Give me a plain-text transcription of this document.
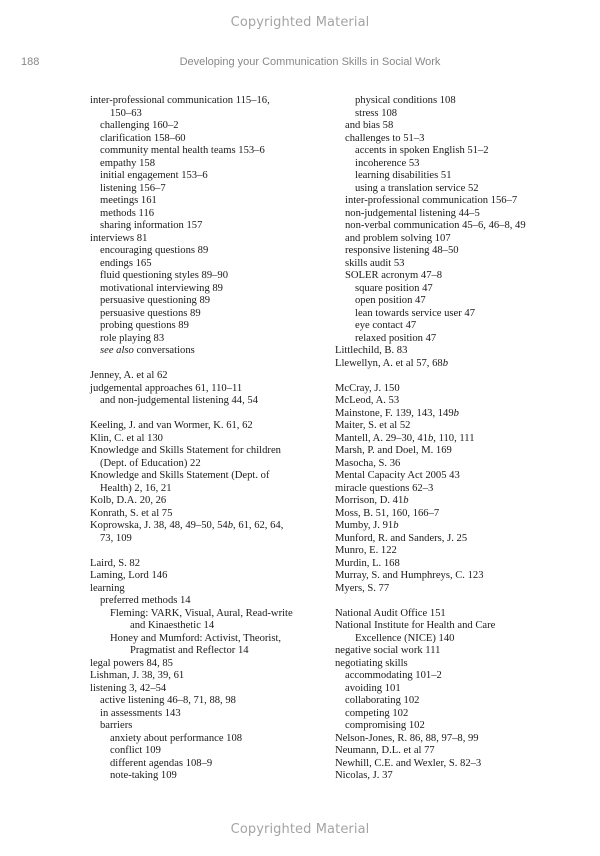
Copyrighted Material
188	Developing your Communication Skills in Social Work
inter-professional communication 115–16,
150–63
challenging 160–2
clarification 158–60
community mental health teams 153–6
empathy 158
initial engagement 153–6
listening 156–7
meetings 161
methods 116
sharing information 157
interviews 81
encouraging questions 89
endings 165
fluid questioning styles 89–90
motivational interviewing 89
persuasive questioning 89
persuasive questions 89
probing questions 89
role playing 83
see also conversations
Jenney, A. et al 62
judgemental approaches 61, 110–11
and non-judgemental listening 44, 54
Keeling, J. and van Wormer, K. 61, 62
Klin, C. et al 130
Knowledge and Skills Statement for children
(Dept. of Education) 22
Knowledge and Skills Statement (Dept. of
Health) 2, 16, 21
Kolb, D.A. 20, 26
Konrath, S. et al 75
Koprowska, J. 38, 48, 49–50, 54b, 61, 62, 64,
73, 109
Laird, S. 82
Laming, Lord 146
learning
preferred methods 14
Fleming: VARK, Visual, Aural, Read-write
and Kinaesthetic 14
Honey and Mumford: Activist, Theorist,
Pragmatist and Reflector 14
legal powers 84, 85
Lishman, J. 38, 39, 61
listening 3, 42–54
active listening 46–8, 71, 88, 98
in assessments 143
barriers
anxiety about performance 108
conflict 109
different agendas 108–9
note-taking 109
physical conditions 108
stress 108
and bias 58
challenges to 51–3
accents in spoken English 51–2
incoherence 53
learning disabilities 51
using a translation service 52
inter-professional communication 156–7
non-judgemental listening 44–5
non-verbal communication 45–6, 46–8, 49
and problem solving 107
responsive listening 48–50
skills audit 53
SOLER acronym 47–8
square position 47
open position 47
lean towards service user 47
eye contact 47
relaxed position 47
Littlechild, B. 83
Llewellyn, A. et al 57, 68b
McCray, J. 150
McLeod, A. 53
Mainstone, F. 139, 143, 149b
Maiter, S. et al 52
Mantell, A. 29–30, 41b, 110, 111
Marsh, P. and Doel, M. 169
Masocha, S. 36
Mental Capacity Act 2005 43
miracle questions 62–3
Morrison, D. 41b
Moss, B. 51, 160, 166–7
Mumby, J. 91b
Munford, R. and Sanders, J. 25
Munro, E. 122
Murdin, L. 168
Murray, S. and Humphreys, C. 123
Myers, S. 77
National Audit Office 151
National Institute for Health and Care
Excellence (NICE) 140
negative social work 111
negotiating skills
accommodating 101–2
avoiding 101
collaborating 102
competing 102
compromising 102
Nelson-Jones, R. 86, 88, 97–8, 99
Neumann, D.L. et al 77
Newhill, C.E. and Wexler, S. 82–3
Nicolas, J. 37
Copyrighted Material
